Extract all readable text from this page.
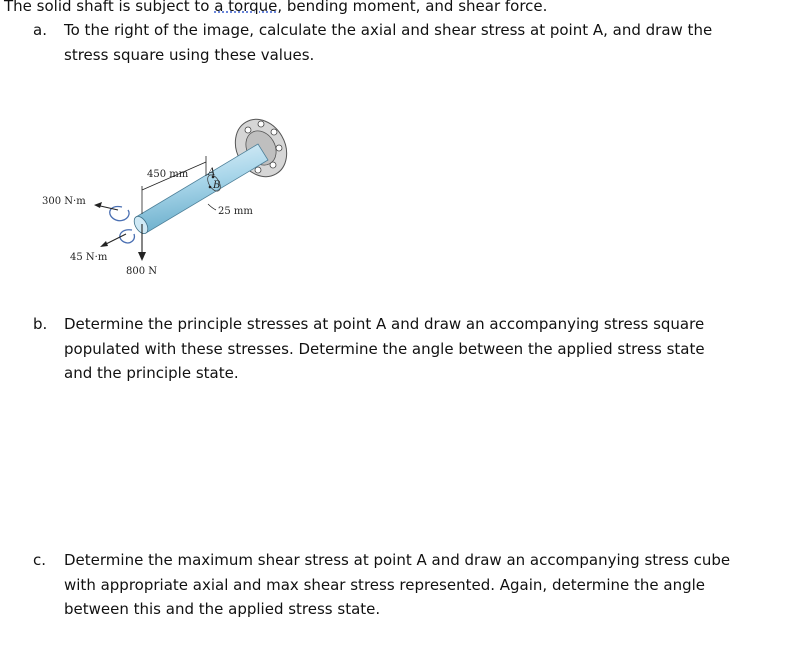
The solid shaft is subject to a torque, bending moment, and shear force.
a. To the right of the image, calculate the axial and shear stress at point A, and draw the
stress square using these values.
450 mm A
B
25 mm
300 N·m
45 N·m
800 N
b. Determine the principle stresses at point A and draw an accompanying stress square
populated with these stresses. Determine the angle between the applied stress state
and the principle state.
c. Determine the maximum shear stress at point A and draw an accompanying stress cube
with appropriate axial and max shear stress represented. Again, determine the angle
between this and the applied stress state.
